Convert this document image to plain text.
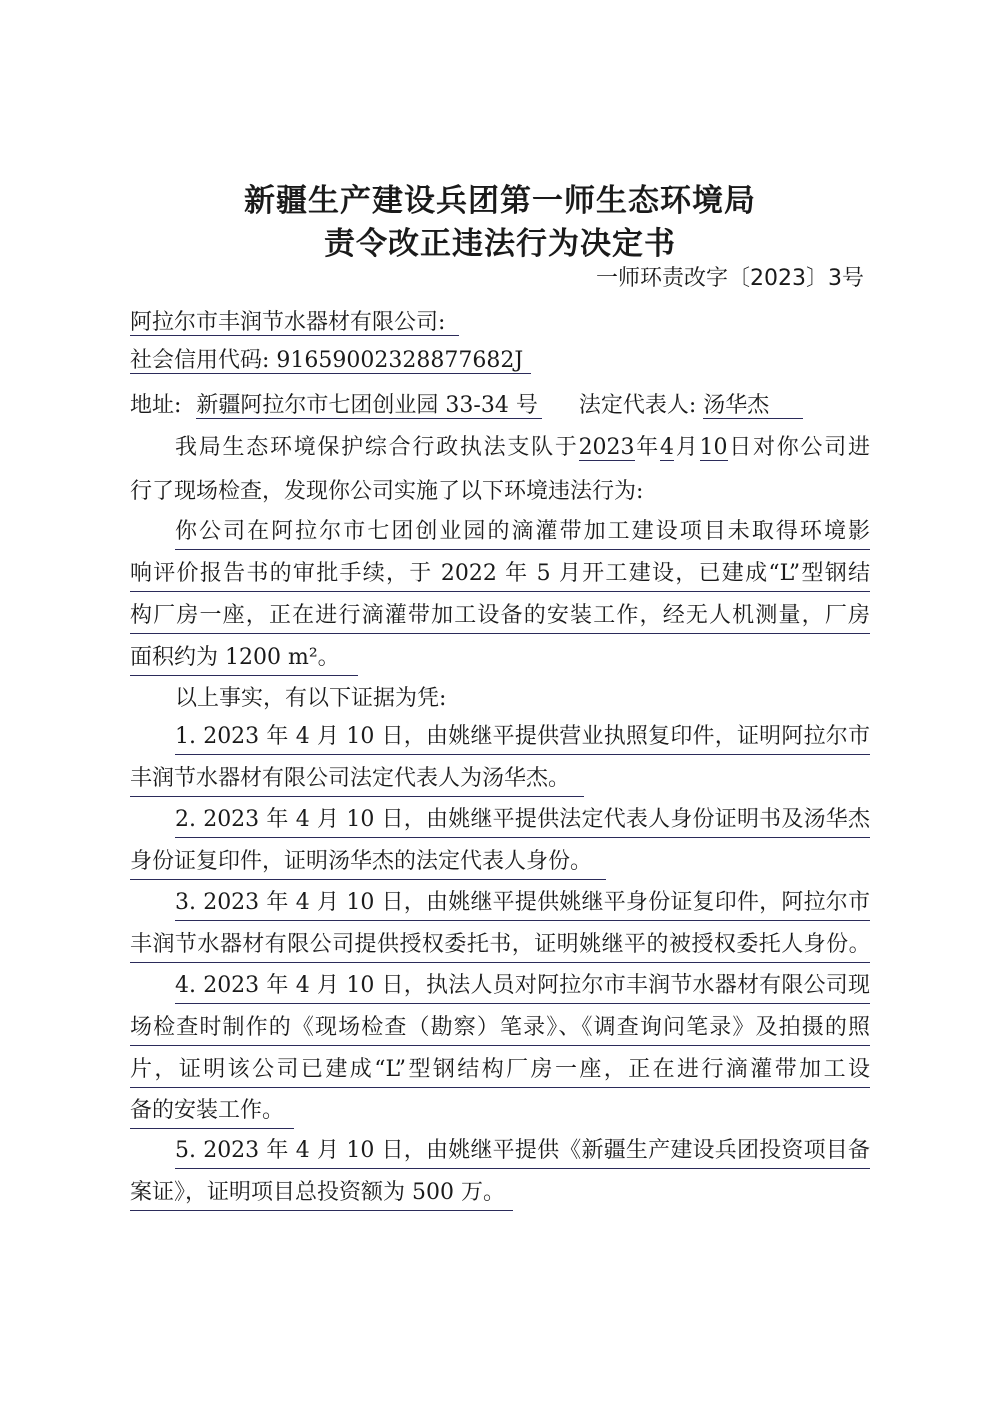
新疆生产建设兵团第一师生态环境局
责令改正违法行为决定书
一师环责改字〔2023〕3号
阿拉尔市丰润节水器材有限公司:
社会信用代码: 91659002328877682J
地址: 新疆阿拉尔市七团创业园 33-34 号 法定代表人: 汤华杰
我局生态环境保护综合行政执法支队于2023年4月10日对你公司进
行了现场检查，发现你公司实施了以下环境违法行为:
你公司在阿拉尔市七团创业园的滴灌带加工建设项目未取得环境影
响评价报告书的审批手续，于 2022 年 5 月开工建设，已建成“L”型钢结
构厂房一座，正在进行滴灌带加工设备的安装工作，经无人机测量，厂房
面积约为 1200 m²。
以上事实，有以下证据为凭:
1. 2023 年 4 月 10 日，由姚继平提供营业执照复印件，证明阿拉尔市
丰润节水器材有限公司法定代表人为汤华杰。
2. 2023 年 4 月 10 日，由姚继平提供法定代表人身份证明书及汤华杰
身份证复印件，证明汤华杰的法定代表人身份。
3. 2023 年 4 月 10 日，由姚继平提供姚继平身份证复印件，阿拉尔市
丰润节水器材有限公司提供授权委托书，证明姚继平的被授权委托人身份。
4. 2023 年 4 月 10 日，执法人员对阿拉尔市丰润节水器材有限公司现
场检查时制作的《现场检查（勘察）笔录》、《调查询问笔录》及拍摄的照
片，证明该公司已建成“L”型钢结构厂房一座，正在进行滴灌带加工设
备的安装工作。
5. 2023 年 4 月 10 日，由姚继平提供《新疆生产建设兵团投资项目备
案证》，证明项目总投资额为 500 万。
